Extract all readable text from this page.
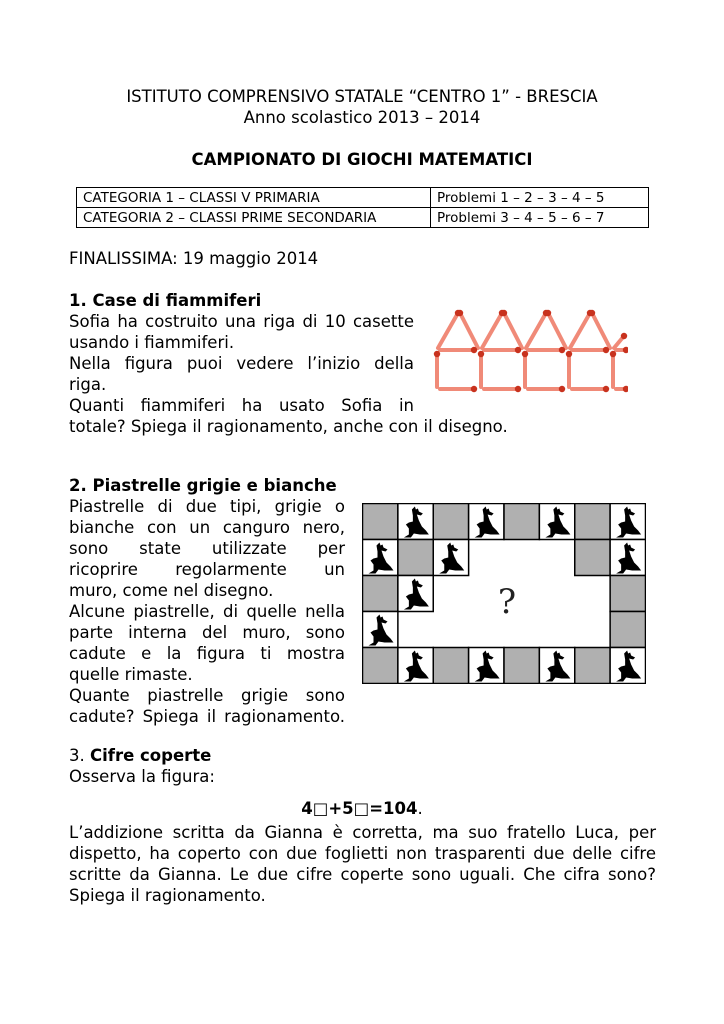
ISTITUTO COMPRENSIVO STATALE “CENTRO 1” - BRESCIA
Anno scolastico 2013 – 2014
CAMPIONATO DI GIOCHI MATEMATICI
CATEGORIA 1 – CLASSI V PRIMARIA	Problemi 1 – 2 – 3 – 4 – 5
CATEGORIA 2 – CLASSI PRIME SECONDARIA	Problemi 3 – 4 – 5 – 6 – 7
FINALISSIMA: 19 maggio 2014
1. Case di fiammiferi
Sofia ha costruito una riga di 10 casette
usando i fiammiferi.
Nella figura puoi vedere l’inizio della
riga.
Quanti fiammiferi ha usato Sofia in
totale? Spiega il ragionamento, anche con il disegno.
2. Piastrelle grigie e bianche
Piastrelle di due tipi, grigie o
bianche con un canguro nero,
sono state utilizzate per
ricoprire regolarmente un
muro, come nel disegno.
Alcune piastrelle, di quelle nella
parte interna del muro, sono
cadute e la figura ti mostra
quelle rimaste.
Quante piastrelle grigie sono
cadute? Spiega il ragionamento.
?
3. Cifre coperte
Osserva la figura:
4□+5□=104.
L’addizione scritta da Gianna è corretta, ma suo fratello Luca, per
dispetto, ha coperto con due foglietti non trasparenti due delle cifre
scritte da Gianna. Le due cifre coperte sono uguali. Che cifra sono?
Spiega il ragionamento.
